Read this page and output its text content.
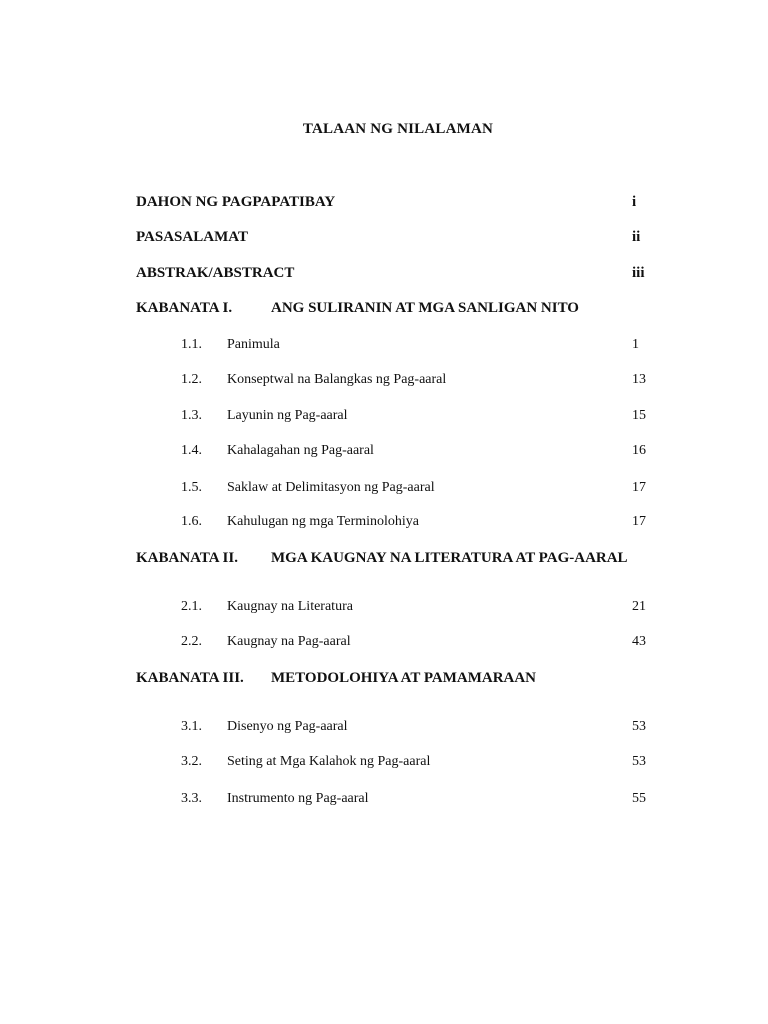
TALAAN NG NILALAMAN
DAHON NG PAGPAPATIBAY	i
PASASALAMAT	ii
ABSTRAK/ABSTRACT	iii
KABANATA I.	ANG SULIRANIN AT MGA SANLIGAN NITO
1.1. Panimula	1
1.2. Konseptwal na Balangkas ng Pag-aaral	13
1.3. Layunin ng Pag-aaral	15
1.4. Kahalagahan ng Pag-aaral	16
1.5. Saklaw at Delimitasyon ng Pag-aaral	17
1.6. Kahulugan ng mga Terminolohiya	17
KABANATA II. MGA KAUGNAY NA LITERATURA AT PAG-AARAL
2.1. Kaugnay na Literatura	21
2.2. Kaugnay na Pag-aaral	43
KABANATA III. METODOLOHIYA AT PAMAMARAAN
3.1. Disenyo ng Pag-aaral	53
3.2. Seting at Mga Kalahok ng Pag-aaral	53
3.3. Instrumento ng Pag-aaral	55
